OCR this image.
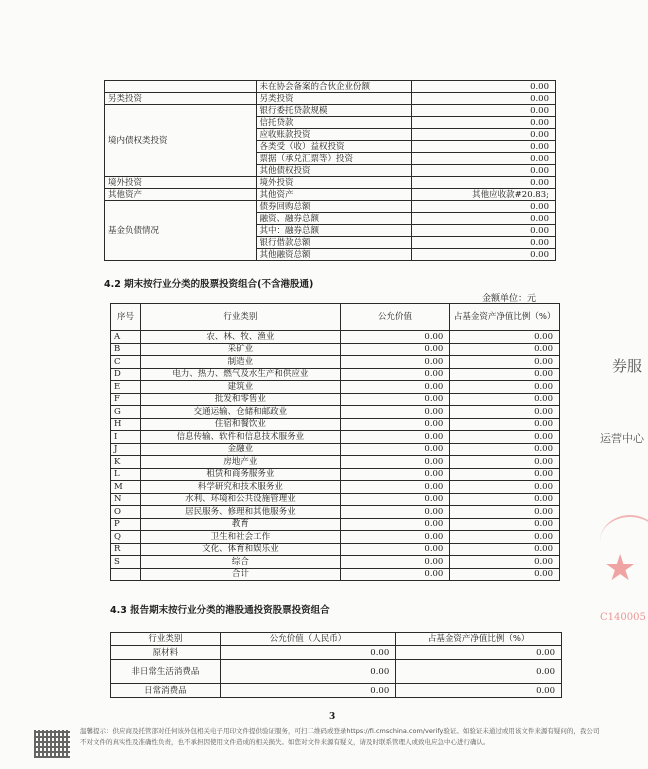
	未在协会备案的合伙企业份额	0.00
另类投资	另类投资	0.00
境内债权类投资	银行委托贷款规模	0.00
	信托贷款	0.00
	应收账款投资	0.00
	各类受（收）益权投资	0.00
	票据（承兑汇票等）投资	0.00
	其他债权投资	0.00
境外投资	境外投资	0.00
其他资产	其他资产	其他应收款#20.83;
基金负债情况	债券回购总额	0.00
	融资、融券总额	0.00
	其中：融券总额	0.00
	银行借款总额	0.00
	其他融资总额	0.00
4.2 期末按行业分类的股票投资组合(不含港股通)
金额单位：元
序号	行业类别	公允价值	占基金资产净值比例（%）
A	农、林、牧、渔业	0.00	0.00
B	采矿业	0.00	0.00
C	制造业	0.00	0.00
D	电力、热力、燃气及水生产和供应业	0.00	0.00
E	建筑业	0.00	0.00
F	批发和零售业	0.00	0.00
G	交通运输、仓储和邮政业	0.00	0.00
H	住宿和餐饮业	0.00	0.00
I	信息传输、软件和信息技术服务业	0.00	0.00
J	金融业	0.00	0.00
K	房地产业	0.00	0.00
L	租赁和商务服务业	0.00	0.00
M	科学研究和技术服务业	0.00	0.00
N	水利、环境和公共设施管理业	0.00	0.00
O	居民服务、修理和其他服务业	0.00	0.00
P	教育	0.00	0.00
Q	卫生和社会工作	0.00	0.00
R	文化、体育和娱乐业	0.00	0.00
S	综合	0.00	0.00
	合计	0.00	0.00
4.3 报告期末按行业分类的港股通投资股票投资组合
行业类别	公允价值（人民币）	占基金资产净值比例（%）
原材料	0.00	0.00
非日常生活消费品	0.00	0.00
日常消费品	0.00	0.00
3
温馨提示：供应商及托管部对任何该外包相关电子用印文件提供验证服务，可扫二维码或登录https://fi.cmschina.com/verify验证。如验证未通过或用该文件来源有疑问的，我公司不对文件的真实性及准确性负责，也不承担因使用文件造成的相关损失。如您对文件来源有疑义，请及时联系管理人或致电应急中心进行确认。
券服
运营中心
★
C140005
